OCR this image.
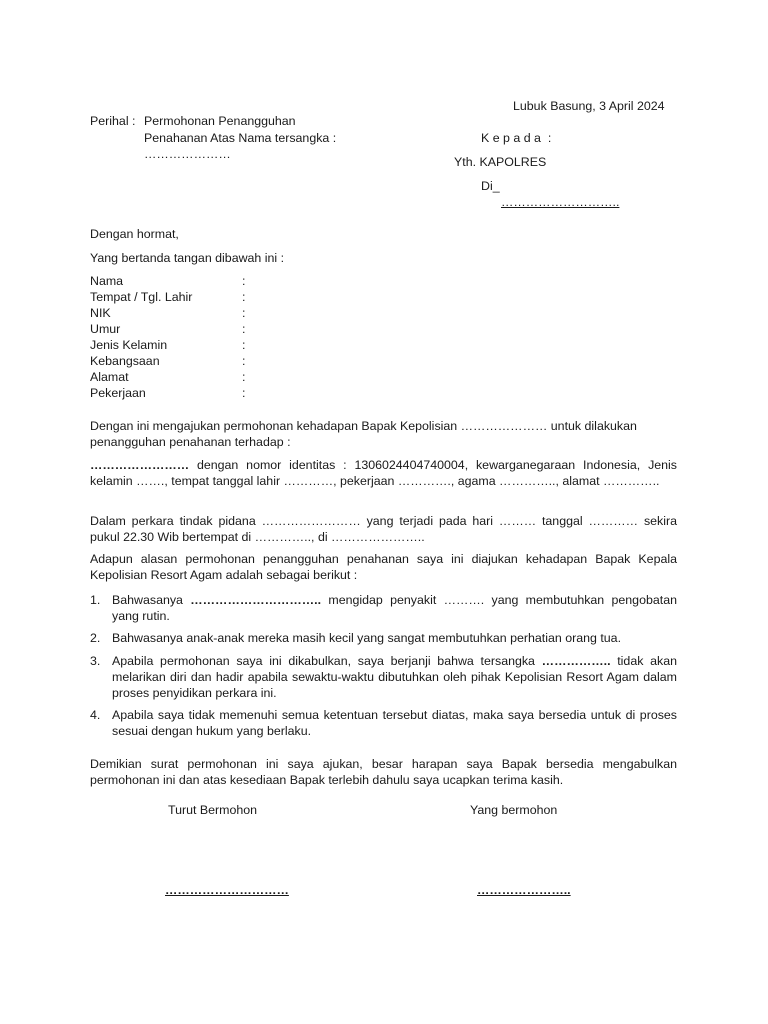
Lubuk Basung, 3 April 2024
Perihal : Permohonan Penangguhan
Penahanan Atas Nama tersangka :
…………………
K e p a d a  :
Yth. KAPOLRES
Di_
………………………..
Dengan hormat,
Yang bertanda tangan dibawah ini :
Nama	:
Tempat / Tgl. Lahir	:
NIK	:
Umur	:
Jenis Kelamin	:
Kebangsaan	:
Alamat	:
Pekerjaan	:
Dengan ini mengajukan permohonan kehadapan Bapak Kepolisian ………………… untuk dilakukan
penangguhan penahanan terhadap :
…………………… dengan nomor identitas : 1306024404740004, kewarganegaraan Indonesia, Jenis kelamin ……., tempat tanggal lahir …………, pekerjaan …………., agama ………….., alamat …………..
Dalam perkara tindak pidana …………………… yang terjadi pada hari ……… tanggal ………… sekira pukul 22.30 Wib bertempat di ………….., di …………………..
Adapun alasan permohonan penangguhan penahanan saya ini diajukan kehadapan Bapak Kepala Kepolisian Resort Agam adalah sebagai berikut :
1. Bahwasanya ………………………….. mengidap penyakit ………. yang membutuhkan pengobatan yang rutin.
2. Bahwasanya anak-anak mereka masih kecil yang sangat membutuhkan perhatian orang tua.
3. Apabila permohonan saya ini dikabulkan, saya berjanji bahwa tersangka …………….. tidak akan melarikan diri dan hadir apabila sewaktu-waktu dibutuhkan oleh pihak Kepolisian Resort Agam dalam proses penyidikan perkara ini.
4. Apabila saya tidak memenuhi semua ketentuan tersebut diatas, maka saya bersedia untuk di proses sesuai dengan hukum yang berlaku.
Demikian surat permohonan ini saya ajukan, besar harapan saya Bapak bersedia mengabulkan permohonan ini dan atas kesediaan Bapak terlebih dahulu saya ucapkan terima kasih.
Turut Bermohon	Yang bermohon
…………………………	…………………..
